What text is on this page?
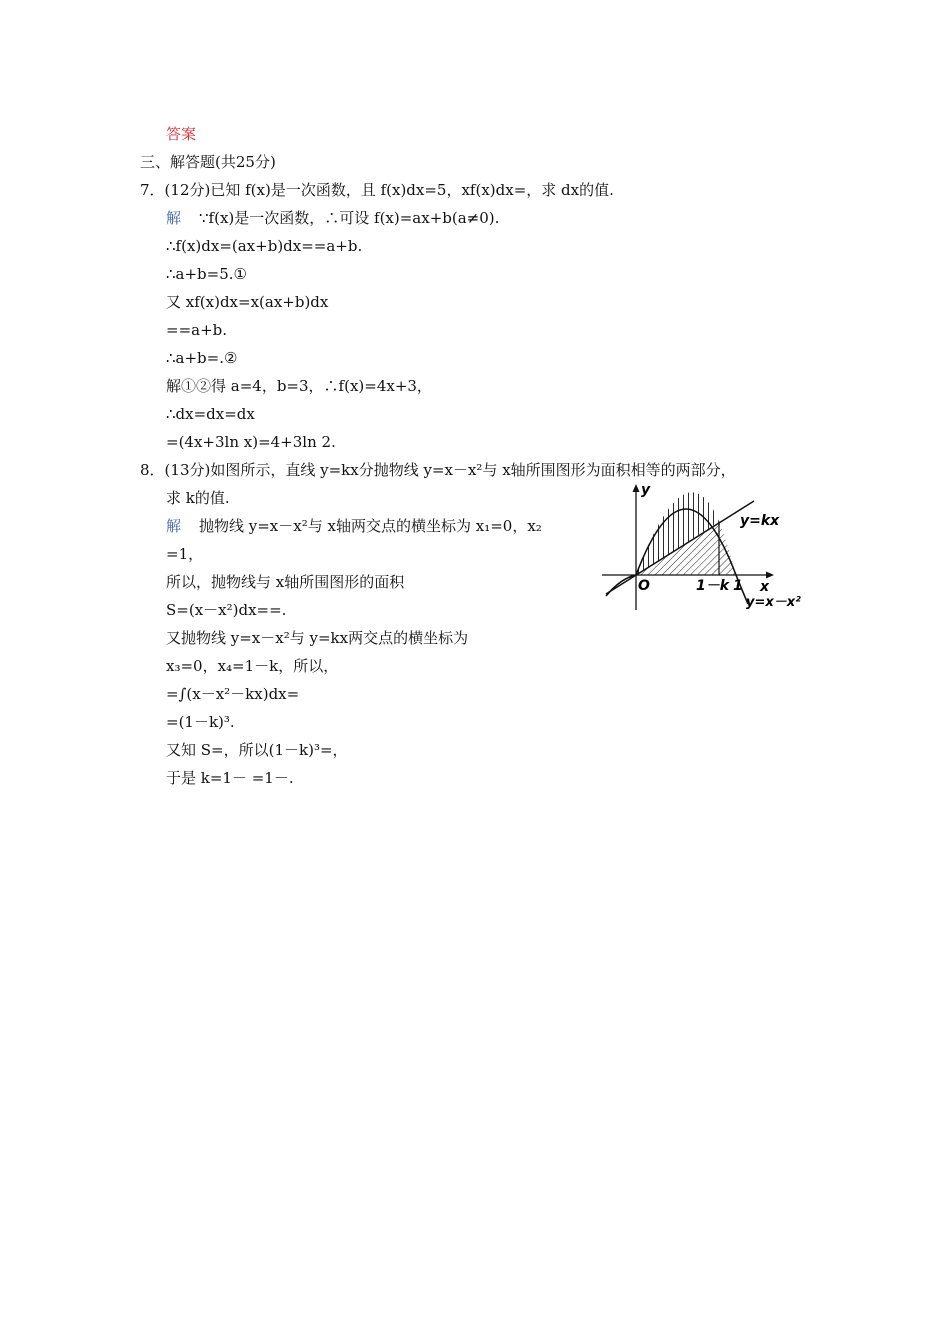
答案
三、解答题(共25分)
7．(12分)已知 f(x)是一次函数，且 f(x)dx=5，xf(x)dx=，求 dx的值.
解 ∵f(x)是一次函数，∴可设 f(x)=ax+b(a≠0).
∴f(x)dx=(ax+b)dx==a+b.
∴a+b=5.①
又 xf(x)dx=x(ax+b)dx
==a+b.
∴a+b=.②
解①②得 a=4，b=3，∴f(x)=4x+3，
∴dx=dx=dx
=(4x+3ln x)=4+3ln 2.
8．(13分)如图所示，直线 y=kx分抛物线 y=x－x²与 x轴所围图形为面积相等的两部分，
求 k的值.
解 抛物线 y=x－x²与 x轴两交点的横坐标为 x₁=0，x₂
=1，
所以，抛物线与 x轴所围图形的面积
S=(x－x²)dx==.
又抛物线 y=x－x²与 y=kx两交点的横坐标为
x₃=0，x₄=1－k，所以，
=∫(x－x²－kx)dx=
=(1－k)³.
又知 S=，所以(1－k)³=，
于是 k=1－ =1－.
y
x
O
y=kx
1－k 1
y=x－x²
